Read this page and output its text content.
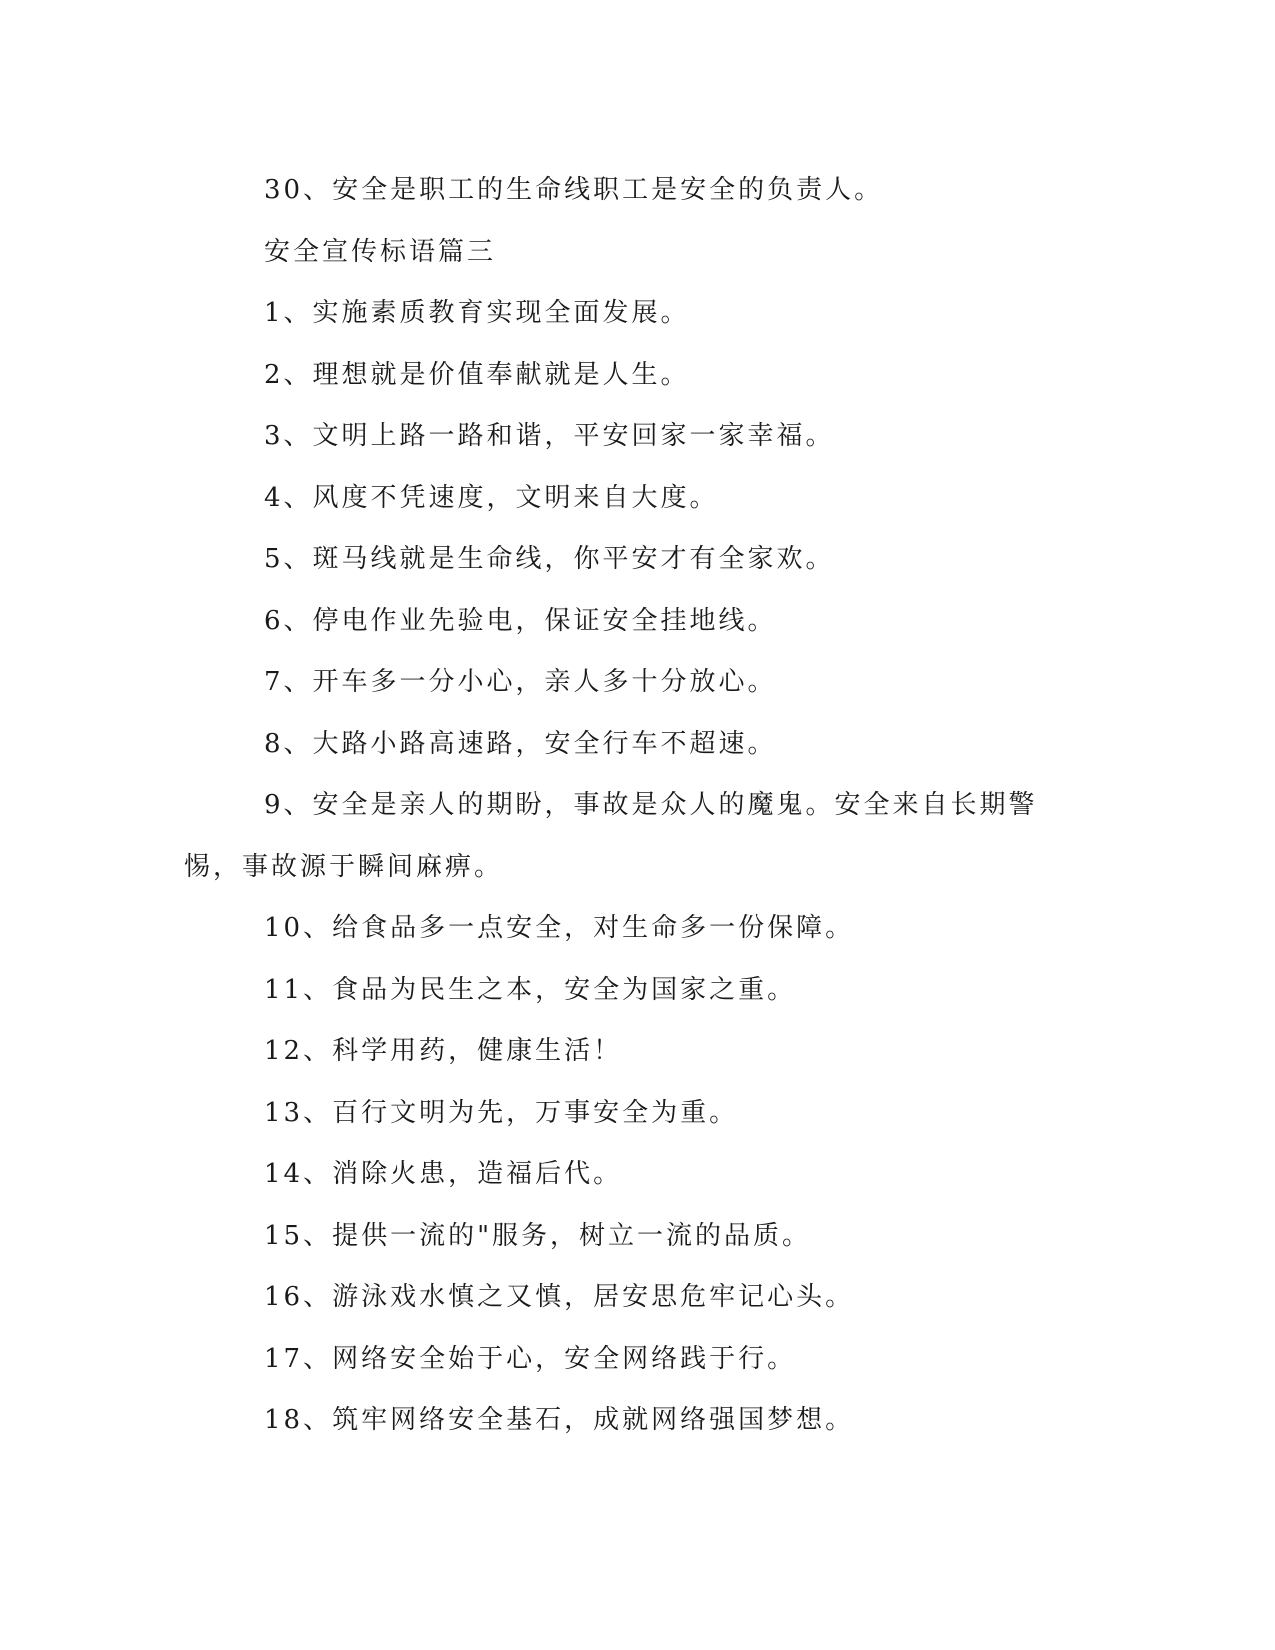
30、安全是职工的生命线职工是安全的负责人。

安全宣传标语篇三

1、实施素质教育实现全面发展。

2、理想就是价值奉献就是人生。

3、文明上路一路和谐，平安回家一家幸福。

4、风度不凭速度，文明来自大度。

5、斑马线就是生命线，你平安才有全家欢。

6、停电作业先验电，保证安全挂地线。

7、开车多一分小心，亲人多十分放心。

8、大路小路高速路，安全行车不超速。

9、安全是亲人的期盼，事故是众人的魔鬼。安全来自长期警惕，事故源于瞬间麻痹。

10、给食品多一点安全，对生命多一份保障。

11、食品为民生之本，安全为国家之重。

12、科学用药，健康生活！

13、百行文明为先，万事安全为重。

14、消除火患，造福后代。

15、提供一流的"服务，树立一流的品质。

16、游泳戏水慎之又慎，居安思危牢记心头。

17、网络安全始于心，安全网络践于行。

18、筑牢网络安全基石，成就网络强国梦想。
